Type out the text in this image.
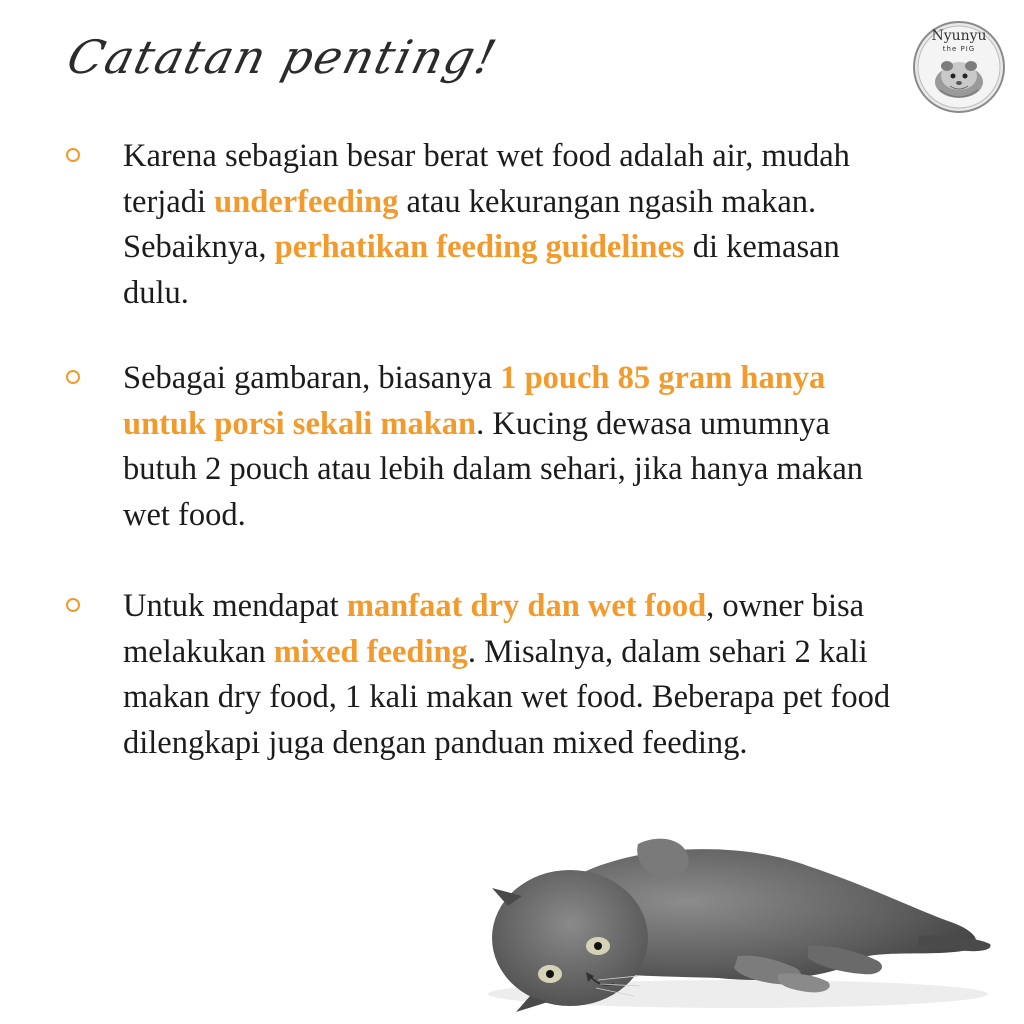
Catatan penting!	Nyunyu
the PIG
Karena sebagian besar berat wet food adalah air, mudah terjadi underfeeding atau kekurangan ngasih makan. Sebaiknya, perhatikan feeding guidelines di kemasan dulu.
Sebagai gambaran, biasanya 1 pouch 85 gram hanya untuk porsi sekali makan. Kucing dewasa umumnya butuh 2 pouch atau lebih dalam sehari, jika hanya makan wet food.
Untuk mendapat manfaat dry dan wet food, owner bisa melakukan mixed feeding. Misalnya, dalam sehari 2 kali makan dry food, 1 kali makan wet food. Beberapa pet food dilengkapi juga dengan panduan mixed feeding.
